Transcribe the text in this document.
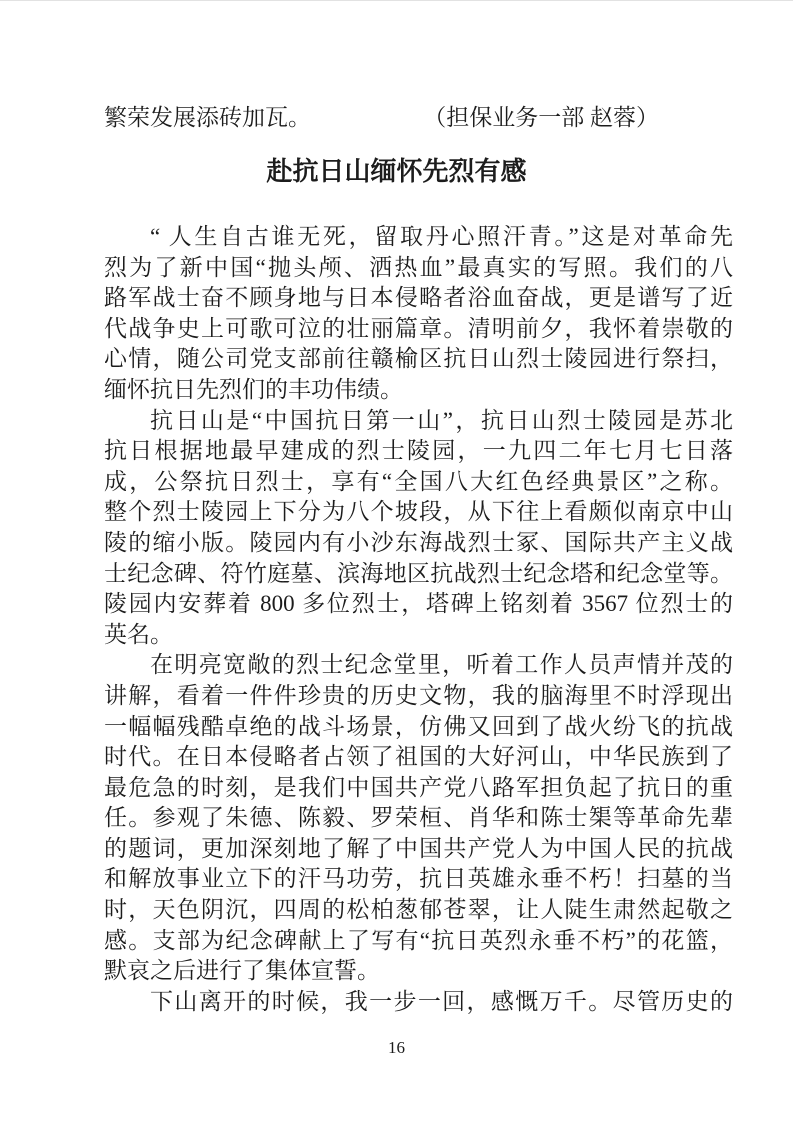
繁荣发展添砖加瓦。	（担保业务一部 赵蓉）
赴抗日山缅怀先烈有感
“ 人生自古谁无死，留取丹心照汗青。”这是对革命先
烈为了新中国“抛头颅、洒热血”最真实的写照。我们的八
路军战士奋不顾身地与日本侵略者浴血奋战，更是谱写了近
代战争史上可歌可泣的壮丽篇章。清明前夕，我怀着崇敬的
心情，随公司党支部前往赣榆区抗日山烈士陵园进行祭扫，
缅怀抗日先烈们的丰功伟绩。
抗日山是“中国抗日第一山”，抗日山烈士陵园是苏北
抗日根据地最早建成的烈士陵园，一九四二年七月七日落
成，公祭抗日烈士，享有“全国八大红色经典景区”之称。
整个烈士陵园上下分为八个坡段，从下往上看颇似南京中山
陵的缩小版。陵园内有小沙东海战烈士冢、国际共产主义战
士纪念碑、符竹庭墓、滨海地区抗战烈士纪念塔和纪念堂等。
陵园内安葬着 800 多位烈士，塔碑上铭刻着 3567 位烈士的
英名。
在明亮宽敞的烈士纪念堂里，听着工作人员声情并茂的
讲解，看着一件件珍贵的历史文物，我的脑海里不时浮现出
一幅幅残酷卓绝的战斗场景，仿佛又回到了战火纷飞的抗战
时代。在日本侵略者占领了祖国的大好河山，中华民族到了
最危急的时刻，是我们中国共产党八路军担负起了抗日的重
任。参观了朱德、陈毅、罗荣桓、肖华和陈士榘等革命先辈
的题词，更加深刻地了解了中国共产党人为中国人民的抗战
和解放事业立下的汗马功劳，抗日英雄永垂不朽！扫墓的当
时，天色阴沉，四周的松柏葱郁苍翠，让人陡生肃然起敬之
感。支部为纪念碑献上了写有“抗日英烈永垂不朽”的花篮，
默哀之后进行了集体宣誓。
下山离开的时候，我一步一回，感慨万千。尽管历史的
16
